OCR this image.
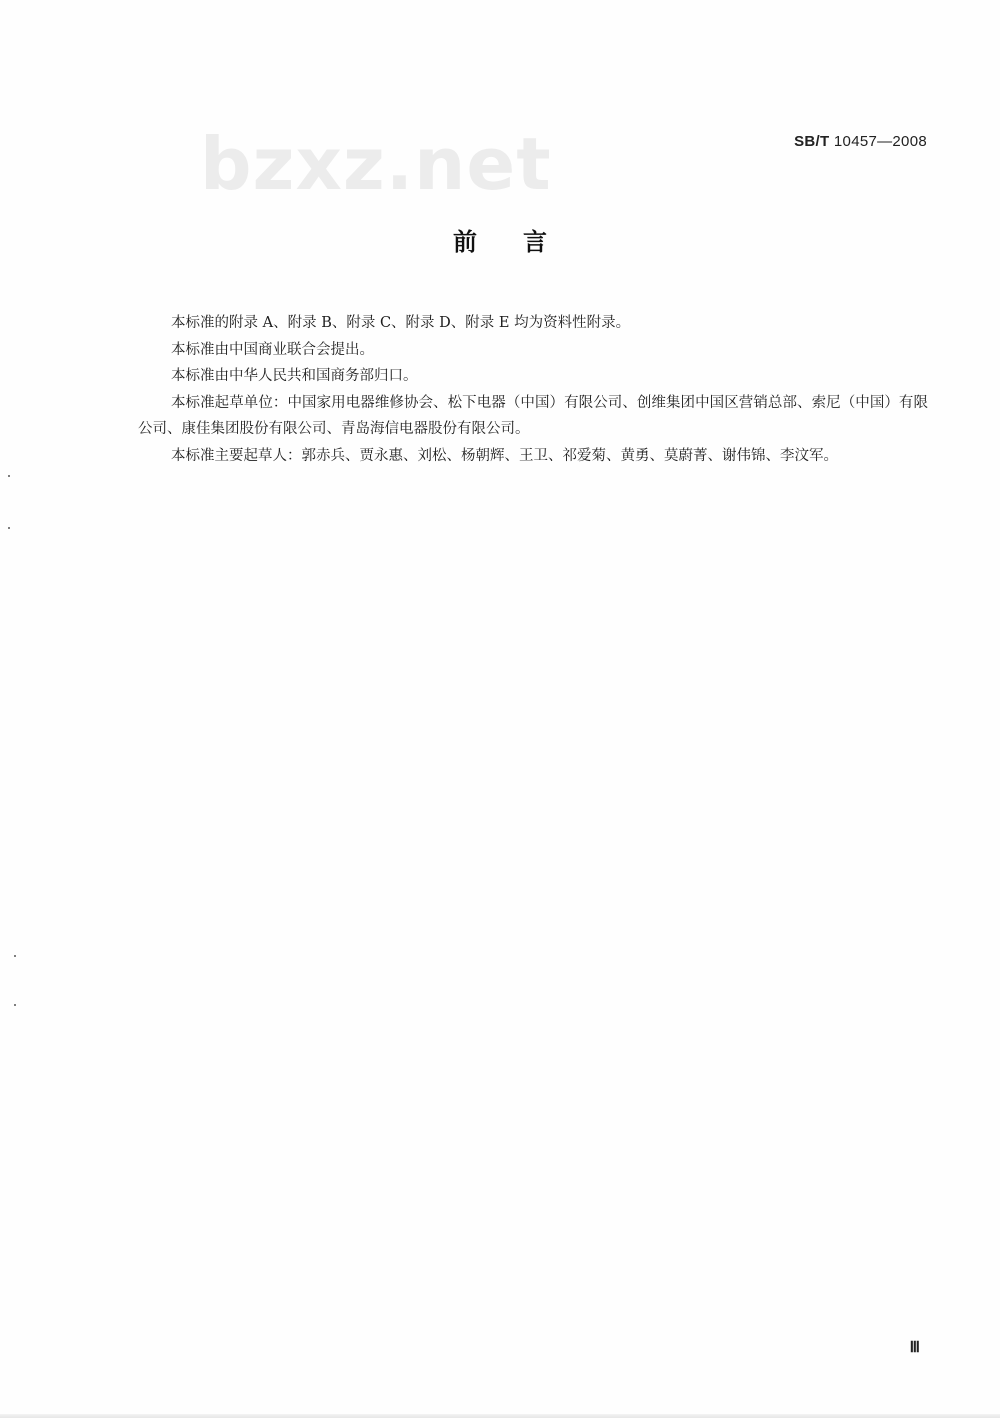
bzxz.net	SB/T 10457—2008
前言

本标准的附录 A、附录 B、附录 C、附录 D、附录 E 均为资料性附录。

本标准由中国商业联合会提出。

本标准由中华人民共和国商务部归口。

本标准起草单位：中国家用电器维修协会、松下电器（中国）有限公司、创维集团中国区营销总部、索尼（中国）有限公司、康佳集团股份有限公司、青岛海信电器股份有限公司。

本标准主要起草人：郭赤兵、贾永惠、刘松、杨朝辉、王卫、祁爱菊、黄勇、莫蔚菁、谢伟锦、李汶军。

Ⅲ
